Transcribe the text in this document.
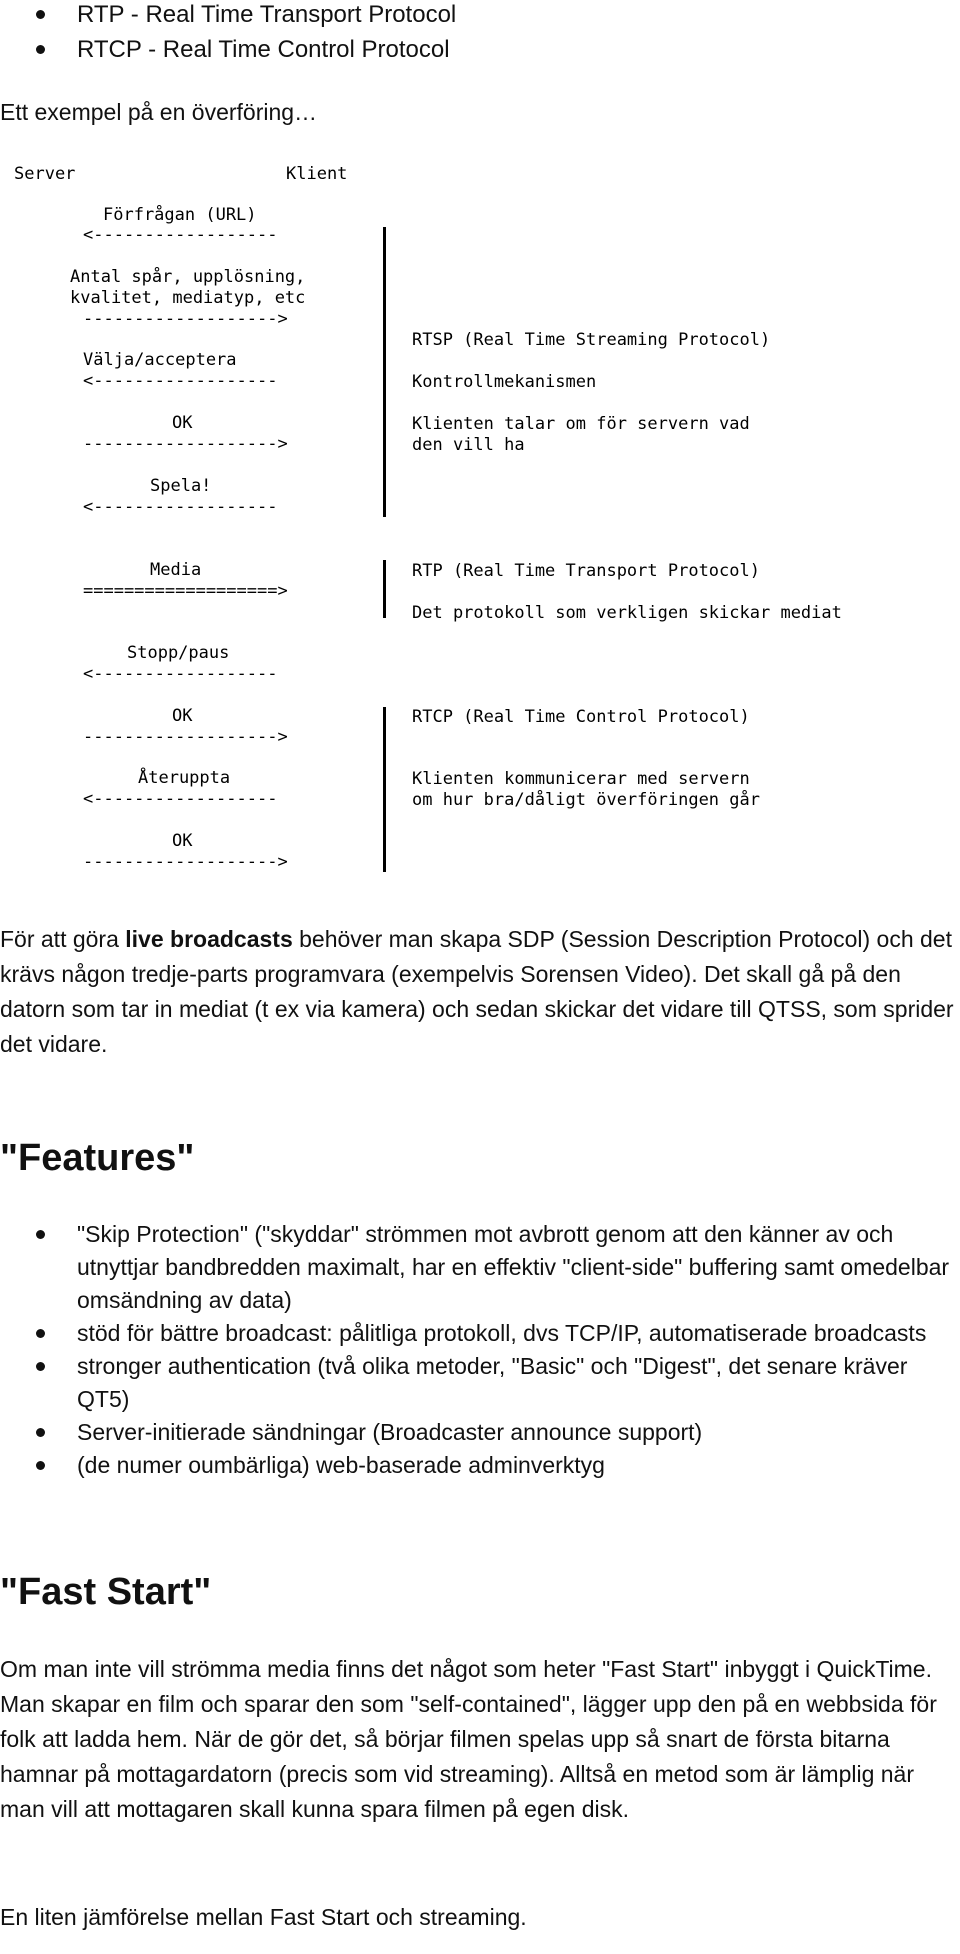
RTP - Real Time Transport Protocol
RTCP - Real Time Control Protocol

Ett exempel på en överföring…

Server	Klient
Förfrågan (URL)
<------------------
Antal spår, upplösning,
kvalitet, mediatyp, etc
------------------->
Välja/acceptera
<------------------
OK
------------------->
Spela!
<------------------
Media
===================>
Stopp/paus
<------------------
OK
------------------->
Återuppta
<------------------
OK
------------------->
RTSP (Real Time Streaming Protocol)
Kontrollmekanismen
Klienten talar om för servern vad
den vill ha
RTP (Real Time Transport Protocol)
Det protokoll som verkligen skickar mediat
RTCP (Real Time Control Protocol)
Klienten kommunicerar med servern
om hur bra/dåligt överföringen går

För att göra live broadcasts behöver man skapa SDP (Session Description Protocol) och det krävs någon tredje-parts programvara (exempelvis Sorensen Video). Det skall gå på den datorn som tar in mediat (t ex via kamera) och sedan skickar det vidare till QTSS, som sprider det vidare.

"Features"
"Skip Protection" ("skyddar" strömmen mot avbrott genom att den känner av och utnyttjar bandbredden maximalt, har en effektiv "client-side" buffering samt omedelbar omsändning av data)
stöd för bättre broadcast: pålitliga protokoll, dvs TCP/IP, automatiserade broadcasts
stronger authentication (två olika metoder, "Basic" och "Digest", det senare kräver QT5)
Server-initierade sändningar (Broadcaster announce support)
(de numer oumbärliga) web-baserade adminverktyg
"Fast Start"

Om man inte vill strömma media finns det något som heter "Fast Start" inbyggt i QuickTime. Man skapar en film och sparar den som "self-contained", lägger upp den på en webbsida för folk att ladda hem. När de gör det, så börjar filmen spelas upp så snart de första bitarna hamnar på mottagardatorn (precis som vid streaming). Alltså en metod som är lämplig när man vill att mottagaren skall kunna spara filmen på egen disk.

En liten jämförelse mellan Fast Start och streaming.
